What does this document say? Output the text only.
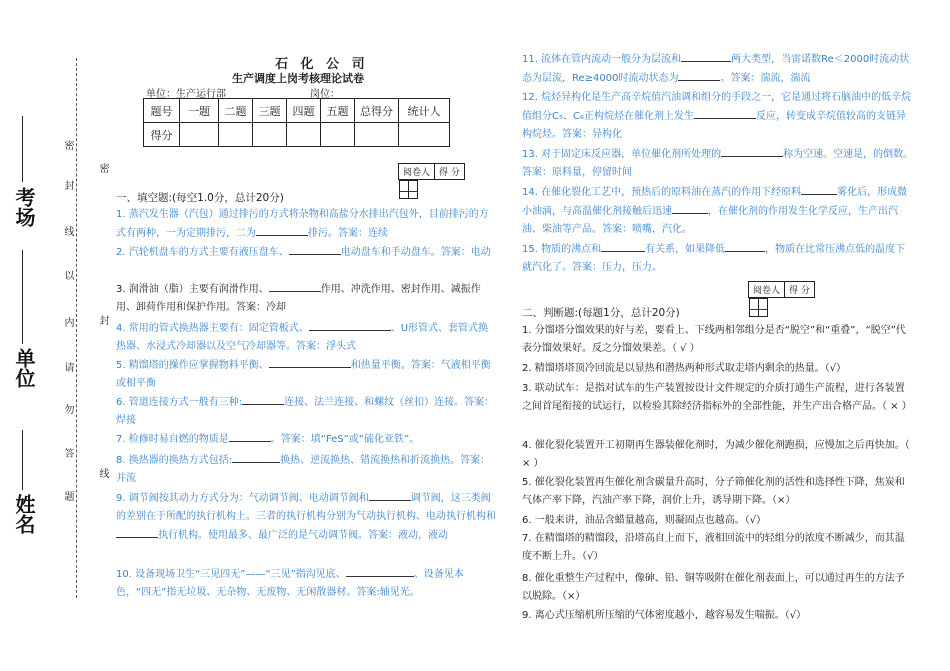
姓名
单位
考场
密
封
线
以
内
请
勿
答
题
密
封
线
石 化 公 司
生产调度上岗考核理论试卷
单位：生产运行部	岗位：
题号	一题	二题	三题	四题	五题	总得分	统计人
得分							
阅卷人	得 分

一、填空题:(每空1.0分，总计20分)
1. 蒸汽发生器（汽包）通过排污的方式将杂物和高盐分水排出汽包外，目前排污的方式有两种，一为定期排污，二为	排污。答案：连续
2. 汽轮机盘车的方式主要有液压盘车、	电动盘车和手动盘车。答案：电动
3. 润滑油（脂）主要有润滑作用、	作用、冲洗作用、密封作用、减振作用、卸荷作用和保护作用。答案：冷却
4. 常用的管式换热器主要有：固定管板式、	、U形管式、套管式换热器、水浸式冷却器以及空气冷却器等。答案：浮头式
5. 精馏塔的操作应掌握物料平衡、	和热量平衡。答案：气液相平衡或相平衡
6. 管道连接方式一般有三种:	连接、法兰连接、和螺纹（丝扣）连接。答案：焊接
7. 检修时易自燃的物质是	。答案：填“FeS”或“硫化亚铁”。
8. 换热器的换热方式包括:	换热、逆流换热、错流换热和折流换热。答案：并流
9. 调节阀按其动力方式分为：气动调节阀、电动调节阀和	调节阀，这三类阀的差别在于所配的执行机构上。三者的执行机构分别为气动执行机构、电动执行机构和执行机构。使用最多、最广泛的是气动调节阀。答案：液动，液动
10. 设备现场卫生“三见四无”——“三见”指沟见底、	、设备见本色，“四无”指无垃圾、无杂物、无废物、无闲散器材。答案:轴见光。
11. 流体在管内流动一般分为层流和	两大类型，当雷诺数Re＜2000时流动状态为层流，Re≥4000时流动状态为	。答案：湍流，湍流
12. 烷烃异构化是生产高辛烷值汽油调和组分的手段之一，它是通过将石脑油中的低辛烷值组分C₅、C₆正构烷烃在催化剂上发生	反应，转变成辛烷值较高的支链异构烷烃。答案：异构化
13. 对于固定床反应器，单位催化剂所处理的	称为空速。空速是，的倒数。 答案：原料量，停留时间
14. 在催化裂化工艺中，预热后的原料油在蒸汽的作用下经原料	雾化后，形成微小油滴，与高温催化剂接触后迅速	，在催化剂的作用发生化学反应，生产出汽油、柴油等产品。答案：喷嘴，汽化。
15. 物质的沸点和	有关系，如果降低	，物质在比常压沸点低的温度下就汽化了。答案：压力，压力。
阅卷人	得 分

二、判断题:(每题1分，总计20分)
1. 分馏塔分馏效果的好与差，要看上、下线两相邻组分是否“脱空”和“重叠”，“脱空”代表分馏效果好。反之分馏效果差。（ √ ）
2. 精馏塔塔顶冷回流是以显热和潜热两种形式取走塔内剩余的热量。（√）
3. 联动试车：是指对试车的生产装置按设计文件规定的介质打通生产流程，进行各装置之间首尾衔接的试运行，以检验其除经济指标外的全部性能，并生产出合格产品。（ × ）
4. 催化裂化装置开工初期再生器装催化剂时，为减少催化剂跑损，应慢加之后再快加。（ × ）
5. 催化裂化装置再生催化剂含碳量升高时，分子筛催化剂的活性和选择性下降，焦炭和气体产率下降，汽油产率下降，润价上升，诱导期下降。（×）
6. 一般来讲，油品含蜡量越高，则凝固点也越高。（√）
7. 在精馏塔的精馏段，沿塔高自上而下，液相回流中的轻组分的浓度不断减少，而其温度不断上升。（√）
8. 催化重整生产过程中，像砷、铅、铜等吸附在催化剂表面上，可以通过再生的方法予以脱除。（×）
9. 离心式压缩机所压缩的气体密度越小，越容易发生喘振。（√）
